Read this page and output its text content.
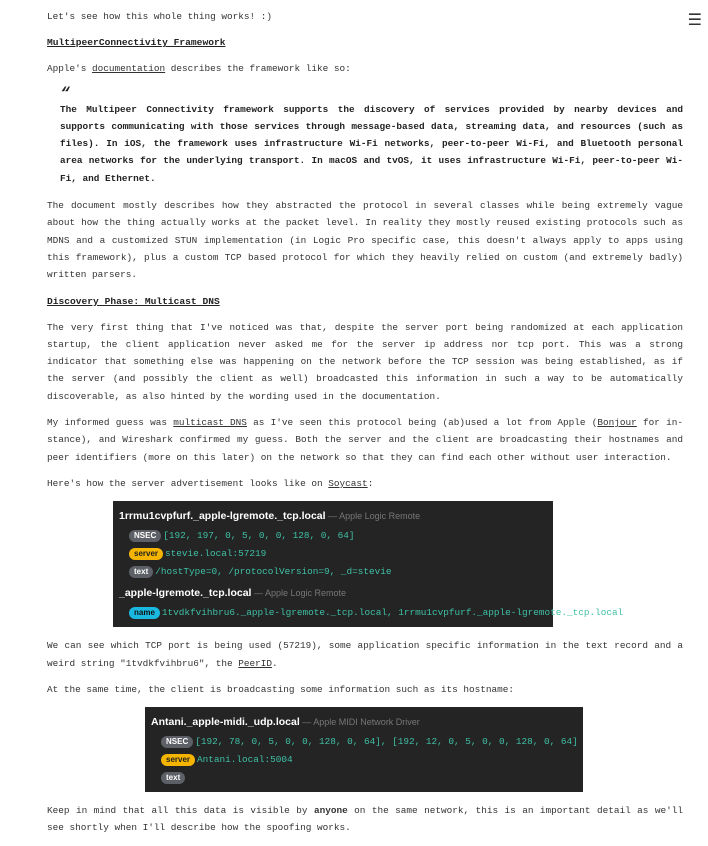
☰

Let's see how this whole thing works! :)

MultipeerConnectivity Framework

Apple's documentation describes the framework like so:

“
The Multipeer Connectivity framework supports the discovery of services provided by nearby devices and supports communicating with those services through message-based data, streaming data, and resources (such as files). In iOS, the framework uses infrastructure Wi-Fi networks, peer-to-peer Wi-Fi, and Bluetooth personal area networks for the underlying transport. In macOS and tvOS, it uses infrastructure Wi-Fi, peer-to-peer Wi-Fi, and Ethernet.

The document mostly describes how they abstracted the protocol in several classes while being extremely vague about how the thing actually works at the packet level. In reality they mostly reused existing protocols such as MDNS and a customized STUN implementation (in Logic Pro specific case, this doesn't always apply to apps using this framework), plus a custom TCP based protocol for which they heavily relied on custom (and extremely badly) written parsers.

Discovery Phase: Multicast DNS

The very first thing that I've noticed was that, despite the server port being randomized at each application startup, the client application never asked me for the server ip address nor tcp port. This was a strong indicator that something else was happening on the network before the TCP session was being established, as if the server (and possibly the client as well) broadcasted this information in such a way to be automatically discoverable, as also hinted by the wording used in the documentation.

My informed guess was multicast DNS as I've seen this protocol being (ab)used a lot from Apple (Bonjour for instance), and Wireshark confirmed my guess. Both the server and the client are broadcasting their hostnames and peer identifiers (more on this later) on the network so that they can find each other without user interaction.

Here's how the server advertisement looks like on Soycast:

1rrmu1cvpfurf._apple-lgremote._tcp.local — Apple Logic Remote
NSEC [192, 197, 0, 5, 0, 0, 128, 0, 64]
server stevie.local:57219
text /hostType=0, /protocolVersion=9, _d=stevie
_apple-lgremote._tcp.local — Apple Logic Remote
name 1tvdkfvihbru6._apple-lgremote._tcp.local, 1rrmu1cvpfurf._apple-lgremote._tcp.local

We can see which TCP port is being used (57219), some application specific information in the text record and a weird string "1tvdkfvihbru6", the PeerID.

At the same time, the client is broadcasting some information such as its hostname:

Antani._apple-midi._udp.local — Apple MIDI Network Driver
NSEC [192, 78, 0, 5, 0, 0, 128, 0, 64], [192, 12, 0, 5, 0, 0, 128, 0, 64]
server Antani.local:5004
text

Keep in mind that all this data is visible by anyone on the same network, this is an important detail as we'll see shortly when I'll describe how the spoofing works.
